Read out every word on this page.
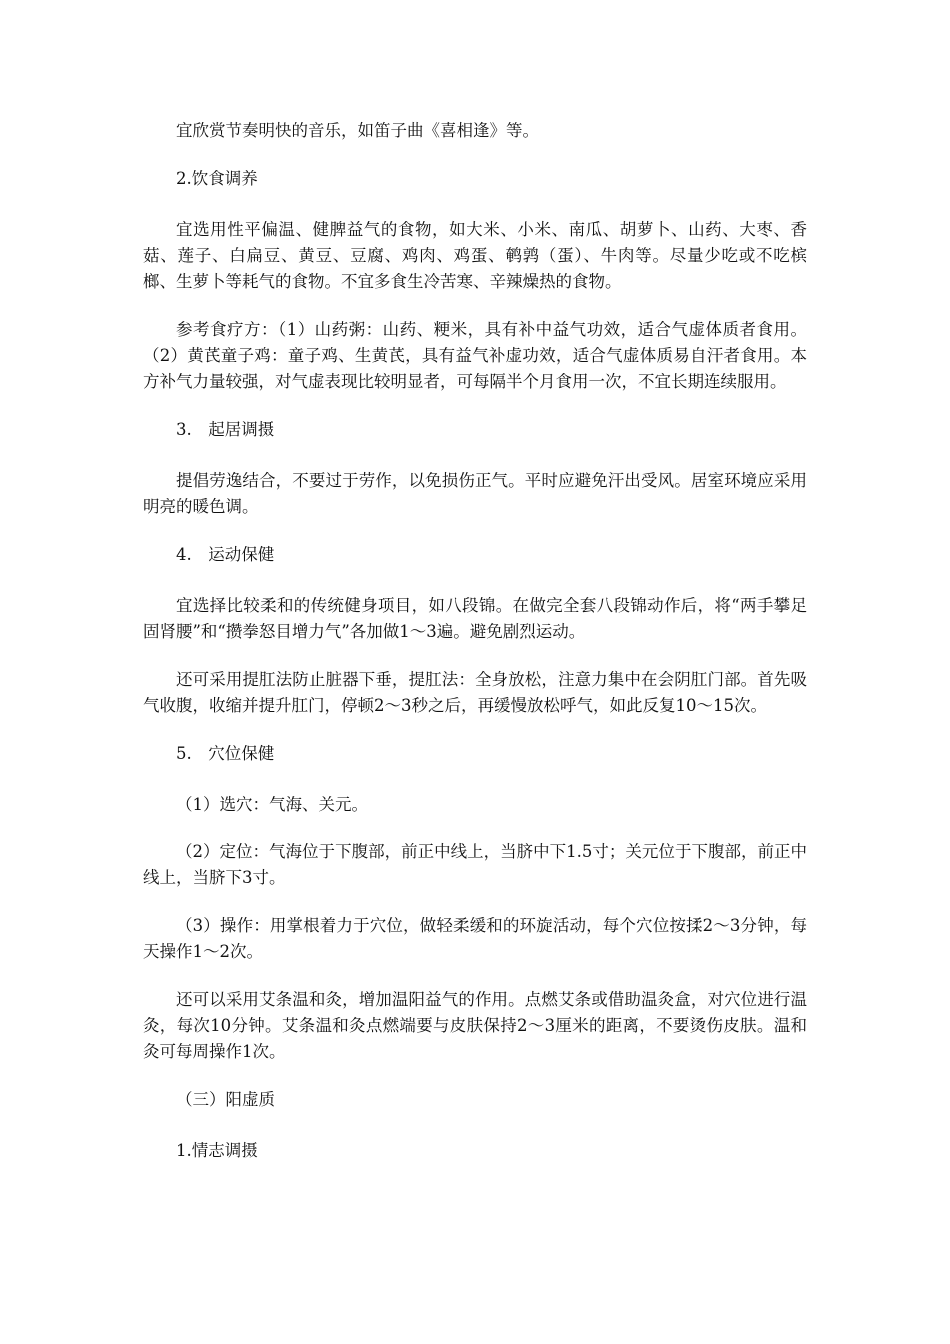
宜欣赏节奏明快的音乐，如笛子曲《喜相逢》等。

2.饮食调养

宜选用性平偏温、健脾益气的食物，如大米、小米、南瓜、胡萝卜、山药、大枣、香菇、莲子、白扁豆、黄豆、豆腐、鸡肉、鸡蛋、鹌鹑（蛋）、牛肉等。尽量少吃或不吃槟榔、生萝卜等耗气的食物。不宜多食生冷苦寒、辛辣燥热的食物。

参考食疗方：（1）山药粥：山药、粳米，具有补中益气功效，适合气虚体质者食用。（2）黄芪童子鸡：童子鸡、生黄芪，具有益气补虚功效，适合气虚体质易自汗者食用。本方补气力量较强，对气虚表现比较明显者，可每隔半个月食用一次，不宜长期连续服用。

3.　起居调摄

提倡劳逸结合，不要过于劳作，以免损伤正气。平时应避免汗出受风。居室环境应采用明亮的暖色调。

4.　运动保健

宜选择比较柔和的传统健身项目，如八段锦。在做完全套八段锦动作后，将“两手攀足固肾腰”和“攒拳怒目增力气”各加做1～3遍。避免剧烈运动。

还可采用提肛法防止脏器下垂，提肛法：全身放松，注意力集中在会阴肛门部。首先吸气收腹，收缩并提升肛门，停顿2～3秒之后，再缓慢放松呼气，如此反复10～15次。

5.　穴位保健

（1）选穴：气海、关元。

（2）定位：气海位于下腹部，前正中线上，当脐中下1.5寸；关元位于下腹部，前正中线上，当脐下3寸。

（3）操作：用掌根着力于穴位，做轻柔缓和的环旋活动，每个穴位按揉2～3分钟，每天操作1～2次。

还可以采用艾条温和灸，增加温阳益气的作用。点燃艾条或借助温灸盒，对穴位进行温灸，每次10分钟。艾条温和灸点燃端要与皮肤保持2～3厘米的距离，不要烫伤皮肤。温和灸可每周操作1次。

（三）阳虚质

1.情志调摄
